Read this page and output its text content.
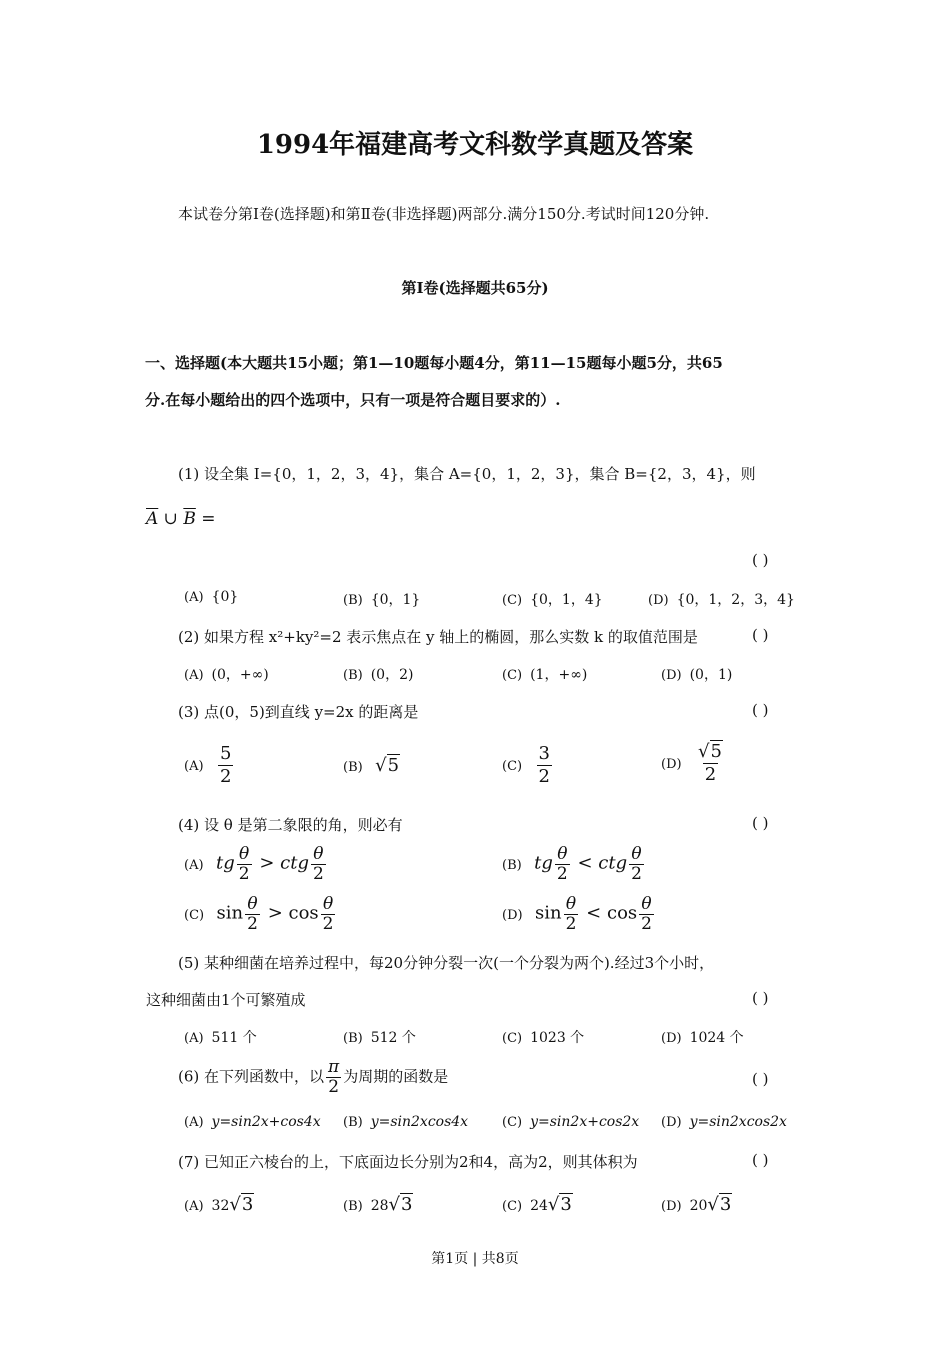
1994年福建高考文科数学真题及答案
本试卷分第Ⅰ卷(选择题)和第Ⅱ卷(非选择题)两部分.满分150分.考试时间120分钟.
第Ⅰ卷(选择题共65分)
一、选择题(本大题共15小题；第1—10题每小题4分，第11—15题每小题5分，共65
分.在每小题给出的四个选项中，只有一项是符合题目要求的）.
(1) 设全集 I={0，1，2，3，4}，集合 A={0，1，2，3}，集合 B={2，3，4}，则
$\overline{A}$ ∪ $\overline{B}$ =
( )
(A) {0}	(B) {0，1}	(C) {0，1，4}	(D) {0，1，2，3，4}
(2) 如果方程 x²+ky²=2 表示焦点在 y 轴上的椭圆，那么实数 k 的取值范围是	( )
(A) (0，+∞)	(B) (0，2)	(C) (1，+∞)	(D) (0，1)
(3) 点(0，5)到直线 y=2x 的距离是	( )
$(A) \frac{5}{2}$	(B) √5	$(C) \frac{3}{2}$	$(D) \frac{√5}{2}$
(4) 设 θ 是第二象限的角，则必有	( )
(A) tg $\frac{\theta}{2}$ > ctg $\frac{\theta}{2}$	(B) tg $\frac{\theta}{2}$ < ctg $\frac{\theta}{2}$
(C) $\sin \frac{\theta}{2} > \cos \frac{\theta}{2}$	(D) $\sin \frac{\theta}{2} < \cos \frac{\theta}{2}$
(5) 某种细菌在培养过程中，每20分钟分裂一次(一个分裂为两个).经过3个小时，
这种细菌由1个可繁殖成	( )
(A) 511 个	(B) 512 个	(C) 1023 个	(D) 1024 个
(6) 在下列函数中，以 $\frac{\pi}{2}$ 为周期的函数是	( )
(A) y=sin2x+cos4x (B) y=sin2xcos4x	(C) y=sin2x+cos2x (D) y=sin2xcos2x
(7) 已知正六棱台的上，下底面边长分别为2和4，高为2，则其体积为	( )
(A) 32√3	(B) 28√3	(C) 24√3	(D) 20√3
第1页 | 共8页
